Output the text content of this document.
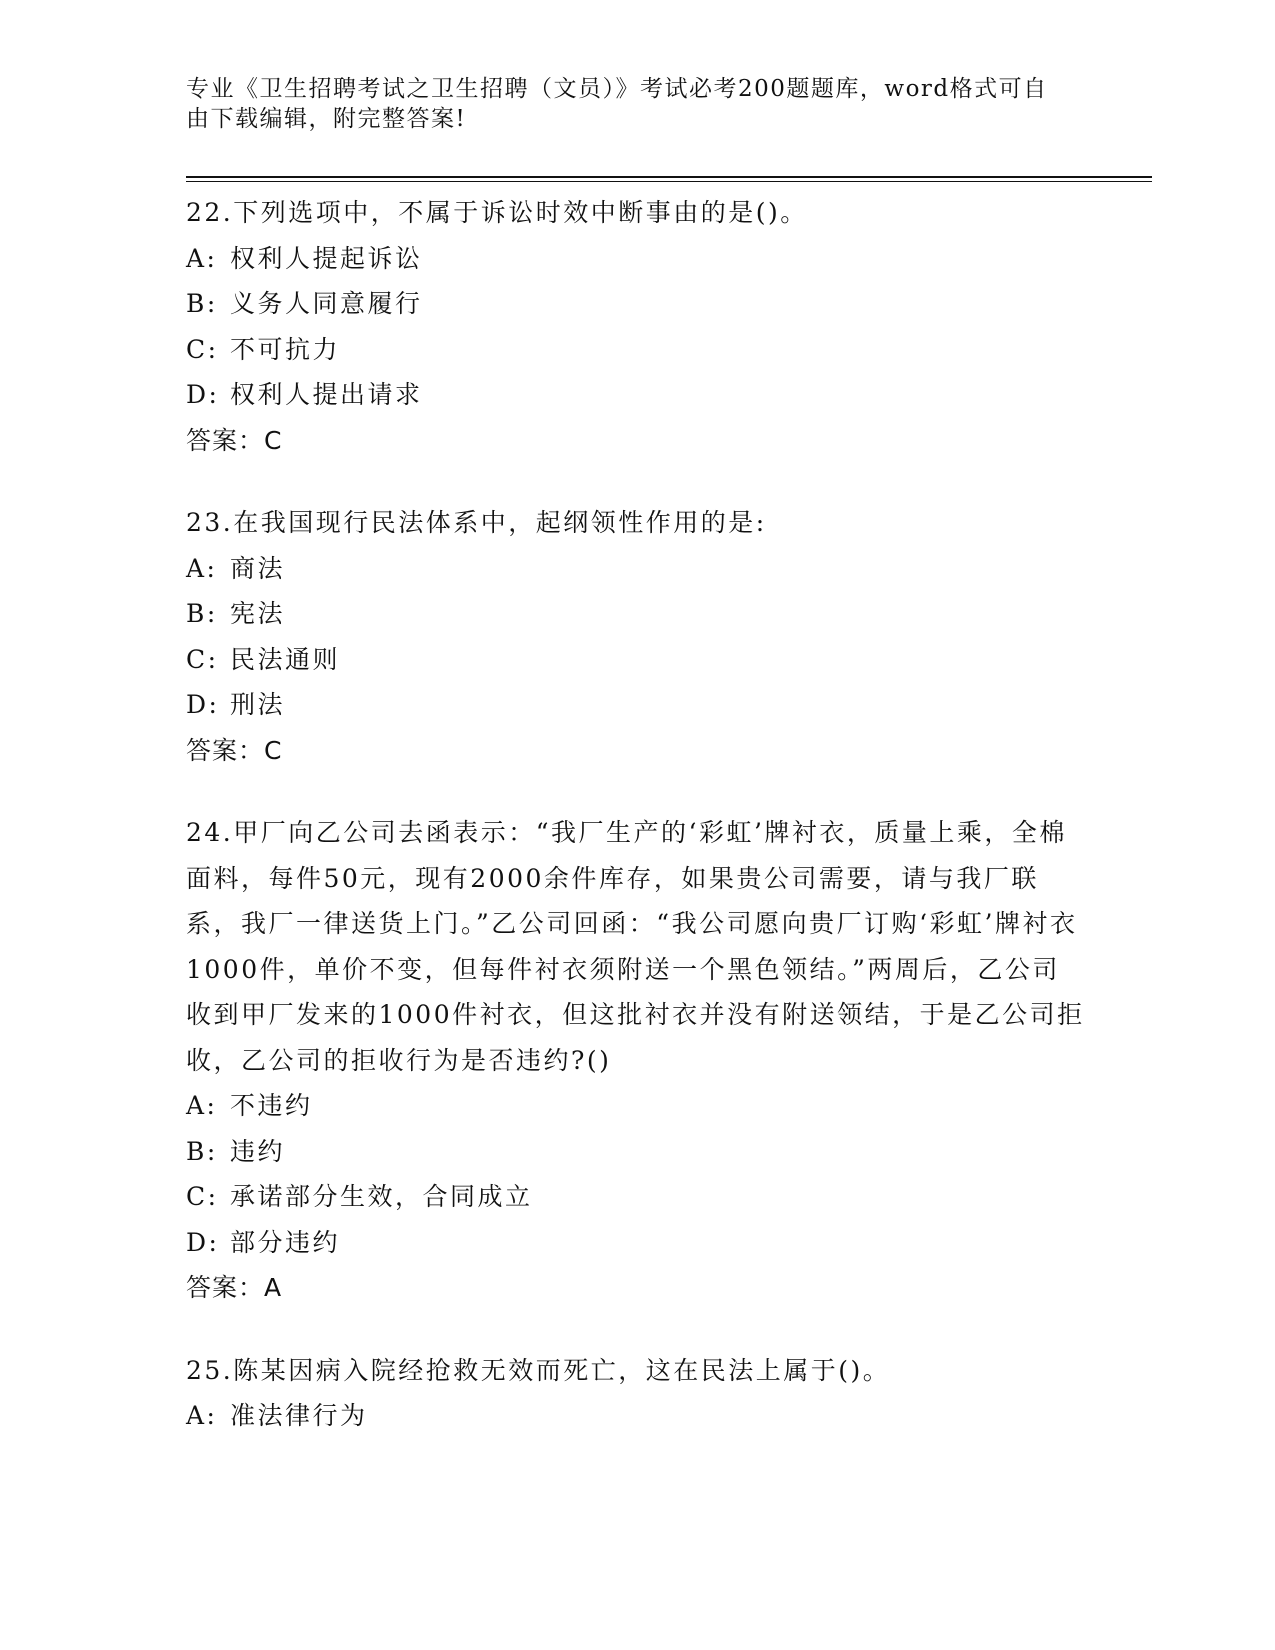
专业《卫生招聘考试之卫生招聘（文员）》考试必考200题题库，word格式可自由下载编辑，附完整答案!

22.下列选项中，不属于诉讼时效中断事由的是()。

A: 权利人提起诉讼
B: 义务人同意履行
C: 不可抗力
D: 权利人提出请求
答案：C

23.在我国现行民法体系中，起纲领性作用的是:

A: 商法
B: 宪法
C: 民法通则
D: 刑法
答案：C

24.甲厂向乙公司去函表示：“我厂生产的‘彩虹’牌衬衣，质量上乘，全棉面料，每件50元，现有2000余件库存，如果贵公司需要，请与我厂联系，我厂一律送货上门。”乙公司回函：“我公司愿向贵厂订购‘彩虹’牌衬衣1000件，单价不变，但每件衬衣须附送一个黑色领结。”两周后，乙公司收到甲厂发来的1000件衬衣，但这批衬衣并没有附送领结，于是乙公司拒收，乙公司的拒收行为是否违约?()

A: 不违约
B: 违约
C: 承诺部分生效，合同成立
D: 部分违约
答案：A

25.陈某因病入院经抢救无效而死亡，这在民法上属于()。

A: 准法律行为
